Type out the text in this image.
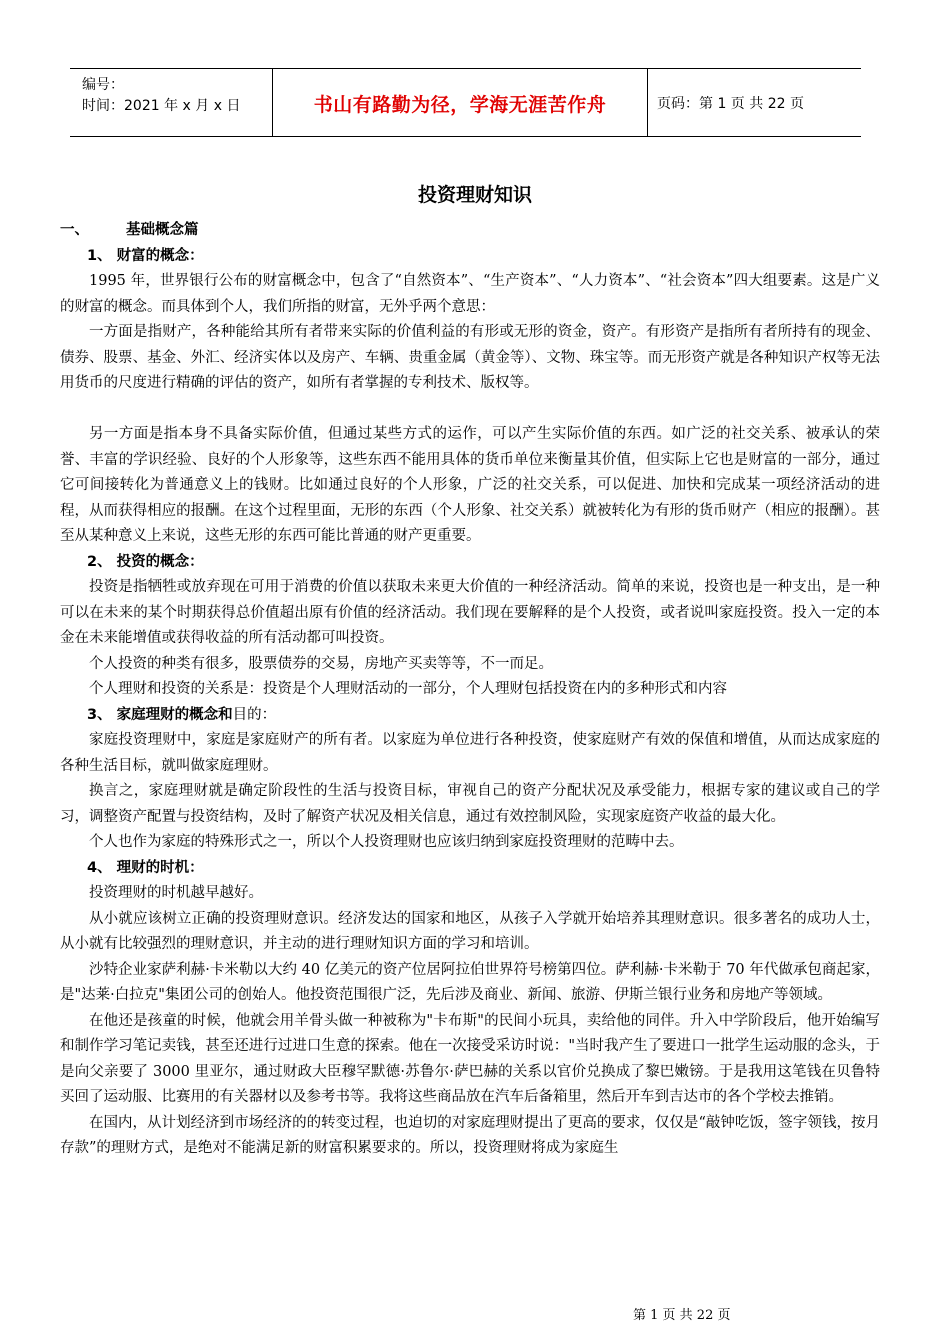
编号：
时间：2021 年 x 月 x 日	书山有路勤为径，学海无涯苦作舟	页码：第 1 页 共 22 页
投资理财知识

一、	基础概念篇

1、 财富的概念：

1995 年，世界银行公布的财富概念中，包含了“自然资本”、“生产资本”、“人力资本”、“社会资本”四大组要素。这是广义的财富的概念。而具体到个人，我们所指的财富，无外乎两个意思：

一方面是指财产，各种能给其所有者带来实际的价值利益的有形或无形的资金，资产。有形资产是指所有者所持有的现金、债券、股票、基金、外汇、经济实体以及房产、车辆、贵重金属（黄金等）、文物、珠宝等。而无形资产就是各种知识产权等无法用货币的尺度进行精确的评估的资产，如所有者掌握的专利技术、版权等。

另一方面是指本身不具备实际价值，但通过某些方式的运作，可以产生实际价值的东西。如广泛的社交关系、被承认的荣誉、丰富的学识经验、良好的个人形象等，这些东西不能用具体的货币单位来衡量其价值，但实际上它也是财富的一部分，通过它可间接转化为普通意义上的钱财。比如通过良好的个人形象，广泛的社交关系，可以促进、加快和完成某一项经济活动的进程，从而获得相应的报酬。在这个过程里面，无形的东西（个人形象、社交关系）就被转化为有形的货币财产（相应的报酬）。甚至从某种意义上来说，这些无形的东西可能比普通的财产更重要。

2、 投资的概念：

投资是指牺牲或放弃现在可用于消费的价值以获取未来更大价值的一种经济活动。简单的来说，投资也是一种支出，是一种可以在未来的某个时期获得总价值超出原有价值的经济活动。我们现在要解释的是个人投资，或者说叫家庭投资。投入一定的本金在未来能增值或获得收益的所有活动都可叫投资。

个人投资的种类有很多，股票债券的交易，房地产买卖等等，不一而足。

个人理财和投资的关系是：投资是个人理财活动的一部分，个人理财包括投资在内的多种形式和内容

3、 家庭理财的概念和目的：

家庭投资理财中，家庭是家庭财产的所有者。以家庭为单位进行各种投资，使家庭财产有效的保值和增值，从而达成家庭的各种生活目标，就叫做家庭理财。

换言之，家庭理财就是确定阶段性的生活与投资目标，审视自己的资产分配状况及承受能力，根据专家的建议或自己的学习，调整资产配置与投资结构，及时了解资产状况及相关信息，通过有效控制风险，实现家庭资产收益的最大化。

个人也作为家庭的特殊形式之一，所以个人投资理财也应该归纳到家庭投资理财的范畴中去。

4、 理财的时机：

投资理财的时机越早越好。

从小就应该树立正确的投资理财意识。经济发达的国家和地区，从孩子入学就开始培养其理财意识。很多著名的成功人士，从小就有比较强烈的理财意识，并主动的进行理财知识方面的学习和培训。

沙特企业家萨利赫·卡米勒以大约 40 亿美元的资产位居阿拉伯世界符号榜第四位。萨利赫·卡米勒于 70 年代做承包商起家，是"达莱·白拉克"集团公司的创始人。他投资范围很广泛，先后涉及商业、新闻、旅游、伊斯兰银行业务和房地产等领域。

在他还是孩童的时候，他就会用羊骨头做一种被称为"卡布斯"的民间小玩具，卖给他的同伴。升入中学阶段后，他开始编写和制作学习笔记卖钱，甚至还进行过进口生意的探索。他在一次接受采访时说："当时我产生了要进口一批学生运动服的念头，于是向父亲要了 3000 里亚尔，通过财政大臣穆罕默德·苏鲁尔·萨巴赫的关系以官价兑换成了黎巴嫩镑。于是我用这笔钱在贝鲁特买回了运动服、比赛用的有关器材以及参考书等。我将这些商品放在汽车后备箱里，然后开车到吉达市的各个学校去推销。

在国内，从计划经济到市场经济的的转变过程，也迫切的对家庭理财提出了更高的要求，仅仅是“敲钟吃饭，签字领钱，按月存款”的理财方式，是绝对不能满足新的财富积累要求的。所以，投资理财将成为家庭生

第 1 页 共 22 页
